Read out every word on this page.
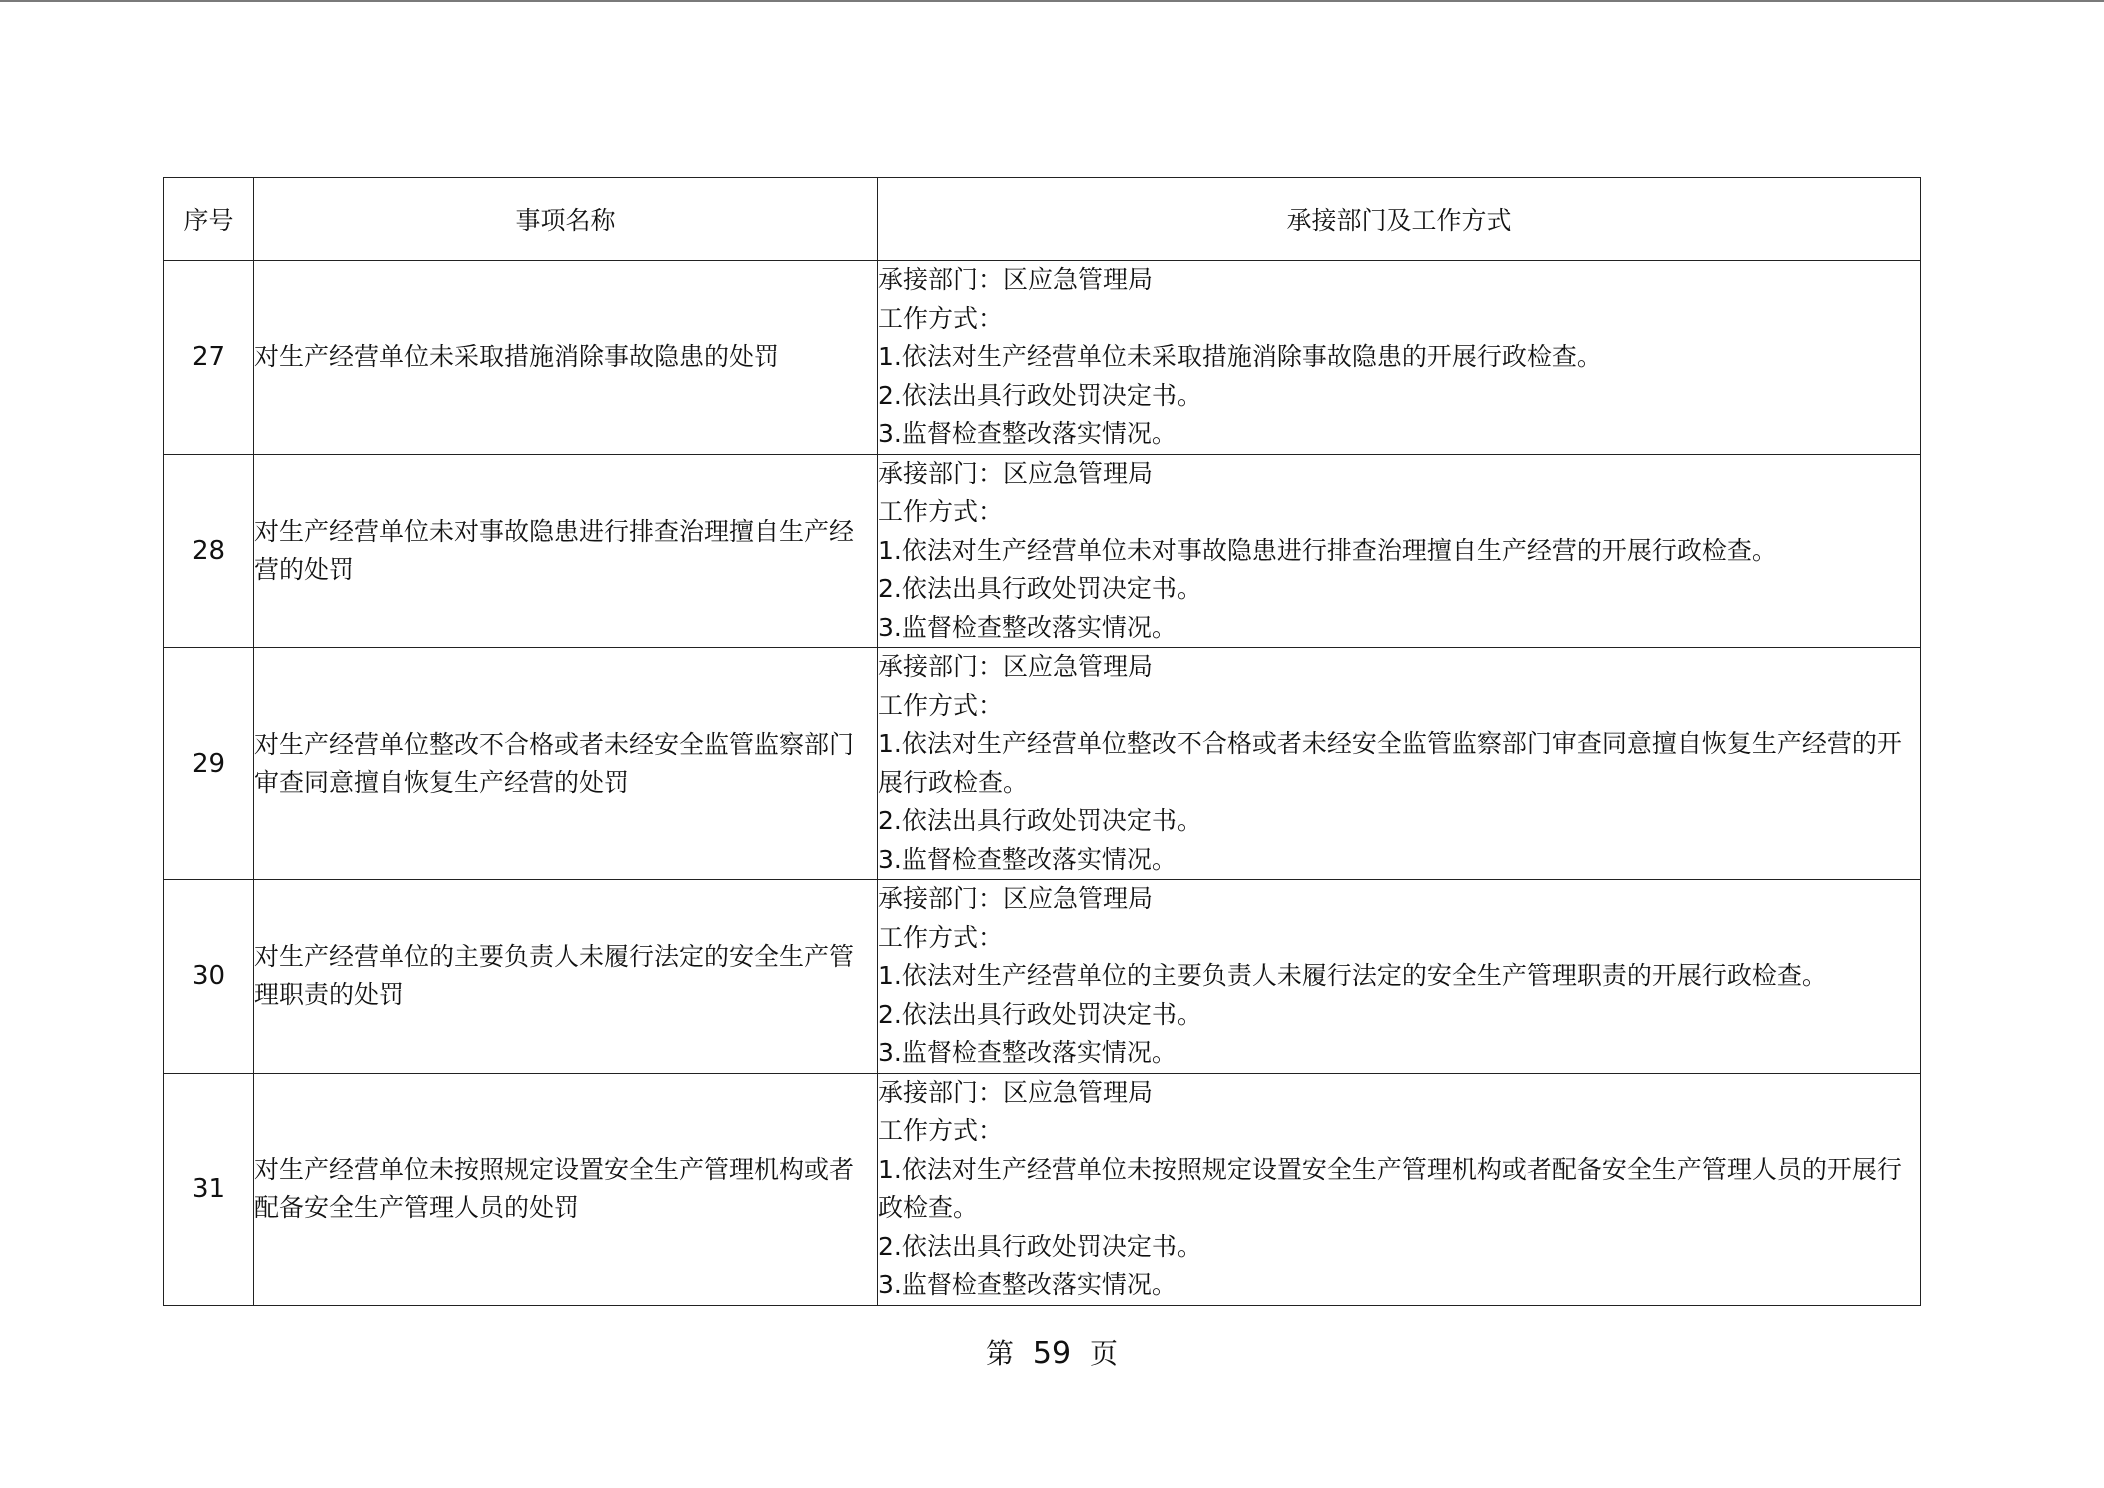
序号	事项名称	承接部门及工作方式
27	对生产经营单位未采取措施消除事故隐患的处罚	承接部门：区应急管理局
工作方式：
1.依法对生产经营单位未采取措施消除事故隐患的开展行政检查。
2.依法出具行政处罚决定书。
3.监督检查整改落实情况。

28	对生产经营单位未对事故隐患进行排查治理擅自生产经营的处罚	承接部门：区应急管理局
工作方式：
1.依法对生产经营单位未对事故隐患进行排查治理擅自生产经营的开展行政检查。
2.依法出具行政处罚决定书。
3.监督检查整改落实情况。

29	对生产经营单位整改不合格或者未经安全监管监察部门审查同意擅自恢复生产经营的处罚	承接部门：区应急管理局
工作方式：
1.依法对生产经营单位整改不合格或者未经安全监管监察部门审查同意擅自恢复生产经营的开展行政检查。
2.依法出具行政处罚决定书。
3.监督检查整改落实情况。

30	对生产经营单位的主要负责人未履行法定的安全生产管理职责的处罚	承接部门：区应急管理局
工作方式：
1.依法对生产经营单位的主要负责人未履行法定的安全生产管理职责的开展行政检查。
2.依法出具行政处罚决定书。
3.监督检查整改落实情况。

31	对生产经营单位未按照规定设置安全生产管理机构或者配备安全生产管理人员的处罚	承接部门：区应急管理局
工作方式：
1.依法对生产经营单位未按照规定设置安全生产管理机构或者配备安全生产管理人员的开展行政检查。
2.依法出具行政处罚决定书。
3.监督检查整改落实情况。
第 59 页
